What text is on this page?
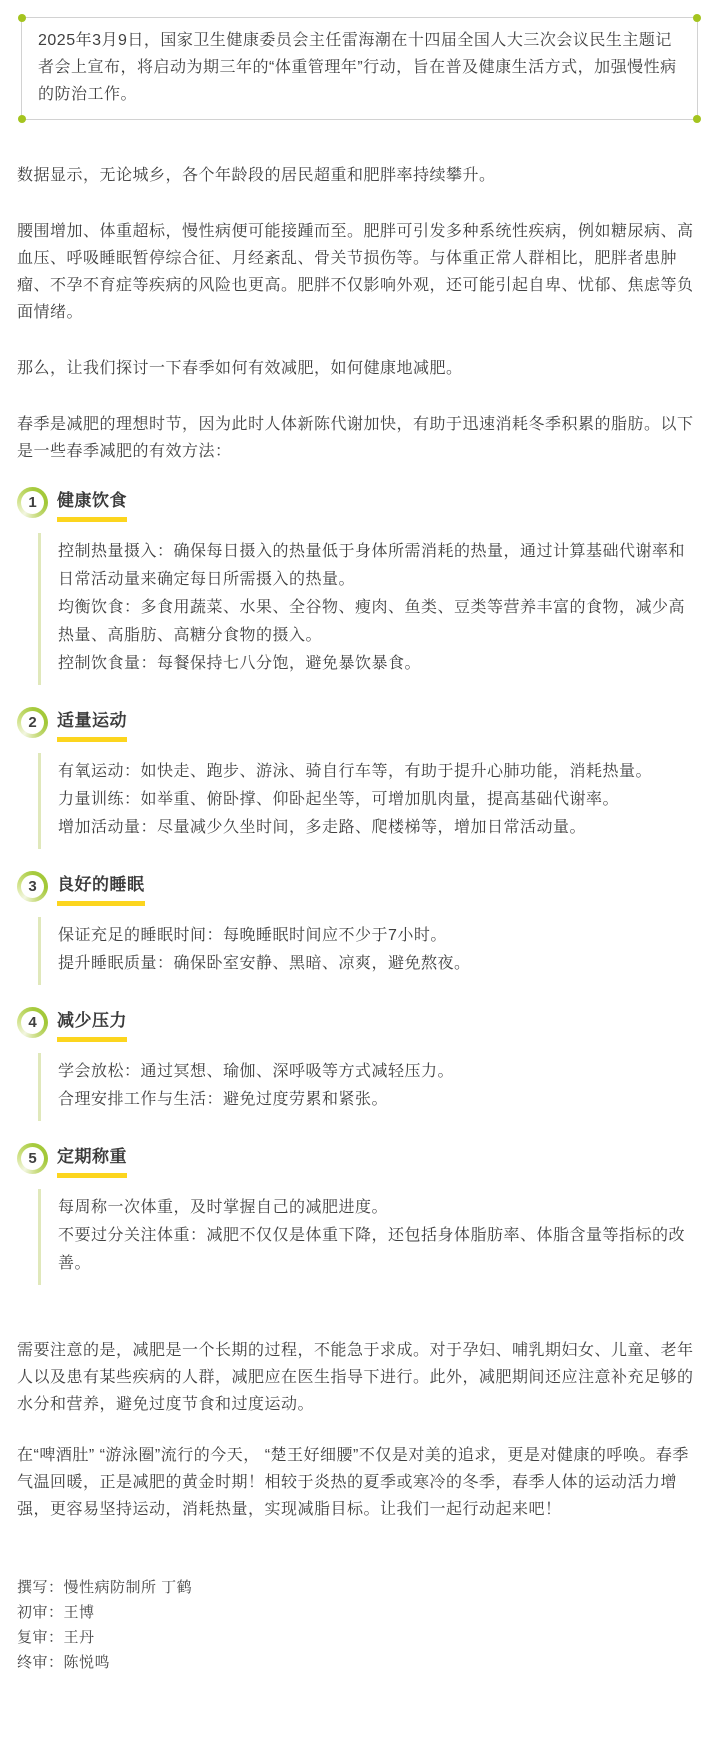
2025年3月9日，国家卫生健康委员会主任雷海潮在十四届全国人大三次会议民生主题记者会上宣布，将启动为期三年的“体重管理年”行动，旨在普及健康生活方式，加强慢性病的防治工作。

数据显示，无论城乡，各个年龄段的居民超重和肥胖率持续攀升。

腰围增加、体重超标，慢性病便可能接踵而至。肥胖可引发多种系统性疾病，例如糖尿病、高血压、呼吸睡眠暂停综合征、月经紊乱、骨关节损伤等。与体重正常人群相比，肥胖者患肿瘤、不孕不育症等疾病的风险也更高。肥胖不仅影响外观，还可能引起自卑、忧郁、焦虑等负面情绪。

那么，让我们探讨一下春季如何有效减肥，如何健康地减肥。

春季是减肥的理想时节，因为此时人体新陈代谢加快，有助于迅速消耗冬季积累的脂肪。以下是一些春季减肥的有效方法：

1	健康饮食

控制热量摄入：确保每日摄入的热量低于身体所需消耗的热量，通过计算基础代谢率和日常活动量来确定每日所需摄入的热量。

均衡饮食：多食用蔬菜、水果、全谷物、瘦肉、鱼类、豆类等营养丰富的食物，减少高热量、高脂肪、高糖分食物的摄入。

控制饮食量：每餐保持七八分饱，避免暴饮暴食。

2	适量运动

有氧运动：如快走、跑步、游泳、骑自行车等，有助于提升心肺功能，消耗热量。

力量训练：如举重、俯卧撑、仰卧起坐等，可增加肌肉量，提高基础代谢率。

增加活动量：尽量减少久坐时间，多走路、爬楼梯等，增加日常活动量。

3	良好的睡眠

保证充足的睡眠时间：每晚睡眠时间应不少于7小时。

提升睡眠质量：确保卧室安静、黑暗、凉爽，避免熬夜。

4	减少压力

学会放松：通过冥想、瑜伽、深呼吸等方式减轻压力。

合理安排工作与生活：避免过度劳累和紧张。

5	定期称重

每周称一次体重，及时掌握自己的减肥进度。

不要过分关注体重：减肥不仅仅是体重下降，还包括身体脂肪率、体脂含量等指标的改善。

需要注意的是，减肥是一个长期的过程，不能急于求成。对于孕妇、哺乳期妇女、儿童、老年人以及患有某些疾病的人群，减肥应在医生指导下进行。此外，减肥期间还应注意补充足够的水分和营养，避免过度节食和过度运动。

在“啤酒肚” “游泳圈”流行的今天， “楚王好细腰”不仅是对美的追求，更是对健康的呼唤。春季气温回暖，正是减肥的黄金时期！相较于炎热的夏季或寒冷的冬季，春季人体的运动活力增强，更容易坚持运动，消耗热量，实现减脂目标。让我们一起行动起来吧！

撰写：慢性病防制所 丁鹤

初审：王博

复审：王丹

终审：陈悦鸣
